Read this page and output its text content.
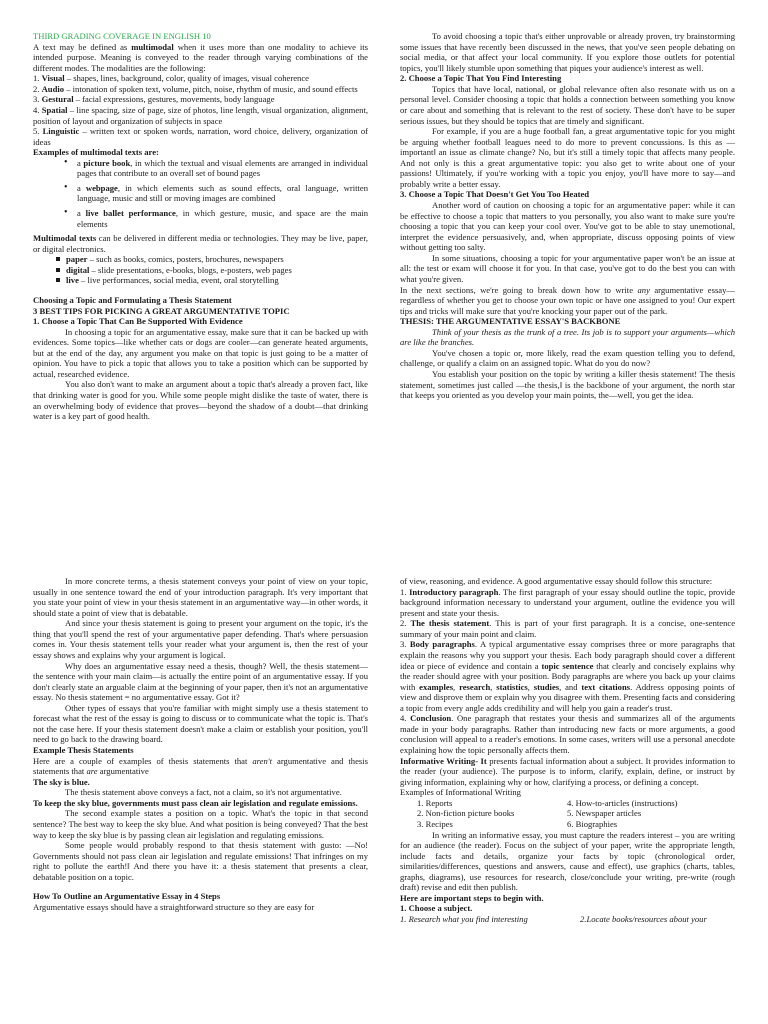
THIRD GRADING COVERAGE IN ENGLISH 10

A text may be defined as multimodal when it uses more than one modality to achieve its intended purpose. Meaning is conveyed to the reader through varying combinations of the different modes. The modalities are the following:

1. Visual – shapes, lines, background, color, quality of images, visual coherence

2. Audio – intonation of spoken text, volume, pitch, noise, rhythm of music, and sound effects

3. Gestural – facial expressions, gestures, movements, body language

4. Spatial – line spacing, size of page, size of photos, line length, visual organization, alignment, position of layout and organization of subjects in space

5. Linguistic – written text or spoken words, narration, word choice, delivery, organization of ideas

Examples of multimodal texts are:

• a picture book, in which the textual and visual elements are arranged in individual pages that contribute to an overall set of bound pages
• a webpage, in which elements such as sound effects, oral language, written language, music and still or moving images are combined
• a live ballet performance, in which gesture, music, and space are the main elements

Multimodal texts can be delivered in different media or technologies. They may be live, paper, or digital electronics.

paper – such as books, comics, posters, brochures, newspapers
digital – slide presentations, e-books, blogs, e-posters, web pages
live – live performances, social media, event, oral storytelling

Choosing a Topic and Formulating a Thesis Statement

3 BEST TIPS FOR PICKING A GREAT ARGUMENTATIVE TOPIC

1. Choose a Topic That Can Be Supported With Evidence

In choosing a topic for an argumentative essay, make sure that it can be backed up with evidences. Some topics—like whether cats or dogs are cooler—can generate heated arguments, but at the end of the day, any argument you make on that topic is just going to be a matter of opinion. You have to pick a topic that allows you to take a position which can be supported by actual, researched evidence.

You also don't want to make an argument about a topic that's already a proven fact, like that drinking water is good for you. While some people might dislike the taste of water, there is an overwhelming body of evidence that proves—beyond the shadow of a doubt—that drinking water is a key part of good health.

To avoid choosing a topic that's either unprovable or already proven, try brainstorming some issues that have recently been discussed in the news, that you've seen people debating on social media, or that affect your local community. If you explore those outlets for potential topics, you'll likely stumble upon something that piques your audience's interest as well.

2. Choose a Topic That You Find Interesting

Topics that have local, national, or global relevance often also resonate with us on a personal level. Consider choosing a topic that holds a connection between something you know or care about and something that is relevant to the rest of society. These don't have to be super serious issues, but they should be topics that are timely and significant.

For example, if you are a huge football fan, a great argumentative topic for you might be arguing whether football leagues need to do more to prevent concussions. Is this as —important‖ an issue as climate change? No, but it's still a timely topic that affects many people. And not only is this a great argumentative topic: you also get to write about one of your passions! Ultimately, if you're working with a topic you enjoy, you'll have more to say—and probably write a better essay.

3. Choose a Topic That Doesn't Get You Too Heated

Another word of caution on choosing a topic for an argumentative paper: while it can be effective to choose a topic that matters to you personally, you also want to make sure you're choosing a topic that you can keep your cool over. You've got to be able to stay unemotional, interpret the evidence persuasively, and, when appropriate, discuss opposing points of view without getting too salty.

In some situations, choosing a topic for your argumentative paper won't be an issue at all: the test or exam will choose it for you. In that case, you've got to do the best you can with what you're given.

In the next sections, we're going to break down how to write any argumentative essay—regardless of whether you get to choose your own topic or have one assigned to you! Our expert tips and tricks will make sure that you're knocking your paper out of the park.

THESIS: THE ARGUMENTATIVE ESSAY'S BACKBONE

Think of your thesis as the trunk of a tree. Its job is to support your arguments—which are like the branches.

You've chosen a topic or, more likely, read the exam question telling you to defend, challenge, or qualify a claim on an assigned topic. What do you do now?

You establish your position on the topic by writing a killer thesis statement! The thesis statement, sometimes just called —the thesis,‖ is the backbone of your argument, the north star that keeps you oriented as you develop your main points, the—well, you get the idea.

In more concrete terms, a thesis statement conveys your point of view on your topic, usually in one sentence toward the end of your introduction paragraph. It's very important that you state your point of view in your thesis statement in an argumentative way—in other words, it should state a point of view that is debatable.

And since your thesis statement is going to present your argument on the topic, it's the thing that you'll spend the rest of your argumentative paper defending. That's where persuasion comes in. Your thesis statement tells your reader what your argument is, then the rest of your essay shows and explains why your argument is logical.

Why does an argumentative essay need a thesis, though? Well, the thesis statement—the sentence with your main claim—is actually the entire point of an argumentative essay. If you don't clearly state an arguable claim at the beginning of your paper, then it's not an argumentative essay. No thesis statement = no argumentative essay. Got it?

Other types of essays that you're familiar with might simply use a thesis statement to forecast what the rest of the essay is going to discuss or to communicate what the topic is. That's not the case here. If your thesis statement doesn't make a claim or establish your position, you'll need to go back to the drawing board.

Example Thesis Statements

Here are a couple of examples of thesis statements that aren't argumentative and thesis statements that are argumentative

The sky is blue.

The thesis statement above conveys a fact, not a claim, so it's not argumentative.

To keep the sky blue, governments must pass clean air legislation and regulate emissions.

The second example states a position on a topic. What's the topic in that second sentence? The best way to keep the sky blue. And what position is being conveyed? That the best way to keep the sky blue is by passing clean air legislation and regulating emissions.

Some people would probably respond to that thesis statement with gusto: —No! Governments should not pass clean air legislation and regulate emissions! That infringes on my right to pollute the earth!‖ And there you have it: a thesis statement that presents a clear, debatable position on a topic.

How To Outline an Argumentative Essay in 4 Steps

Argumentative essays should have a straightforward structure so they are easy for

of view, reasoning, and evidence. A good argumentative essay should follow this structure:

1. Introductory paragraph. The first paragraph of your essay should outline the topic, provide background information necessary to understand your argument, outline the evidence you will present and state your thesis.

2. The thesis statement. This is part of your first paragraph. It is a concise, one-sentence summary of your main point and claim.

3. Body paragraphs. A typical argumentative essay comprises three or more paragraphs that explain the reasons why you support your thesis. Each body paragraph should cover a different idea or piece of evidence and contain a topic sentence that clearly and concisely explains why the reader should agree with your position. Body paragraphs are where you back up your claims with examples, research, statistics, studies, and text citations. Address opposing points of view and disprove them or explain why you disagree with them. Presenting facts and considering a topic from every angle adds credibility and will help you gain a reader's trust.

4. Conclusion. One paragraph that restates your thesis and summarizes all of the arguments made in your body paragraphs. Rather than introducing new facts or more arguments, a good conclusion will appeal to a reader's emotions. In some cases, writers will use a personal anecdote explaining how the topic personally affects them.

Informative Writing- It presents factual information about a subject. It provides information to the reader (your audience). The purpose is to inform, clarify, explain, define, or instruct by giving information, explaining why or how, clarifying a process, or defining a concept.

Examples of Informational Writing

1. Reports	4. How-to-articles (instructions)
2. Non-fiction picture books	5. Newspaper articles
3. Recipes	6. Biographies

In writing an informative essay, you must capture the readers interest – you are writing for an audience (the reader). Focus on the subject of your paper, write the appropriate length, include facts and details, organize your facts by topic (chronological order, similarities/differences, questions and answers, cause and effect), use graphics (charts, tables, graphs, diagrams), use resources for research, close/conclude your writing, pre-write (rough draft) revise and edit then publish.

Here are important steps to begin with.

1. Choose a subject.

1. Research what you find interesting	2.Locate books/resources about your
